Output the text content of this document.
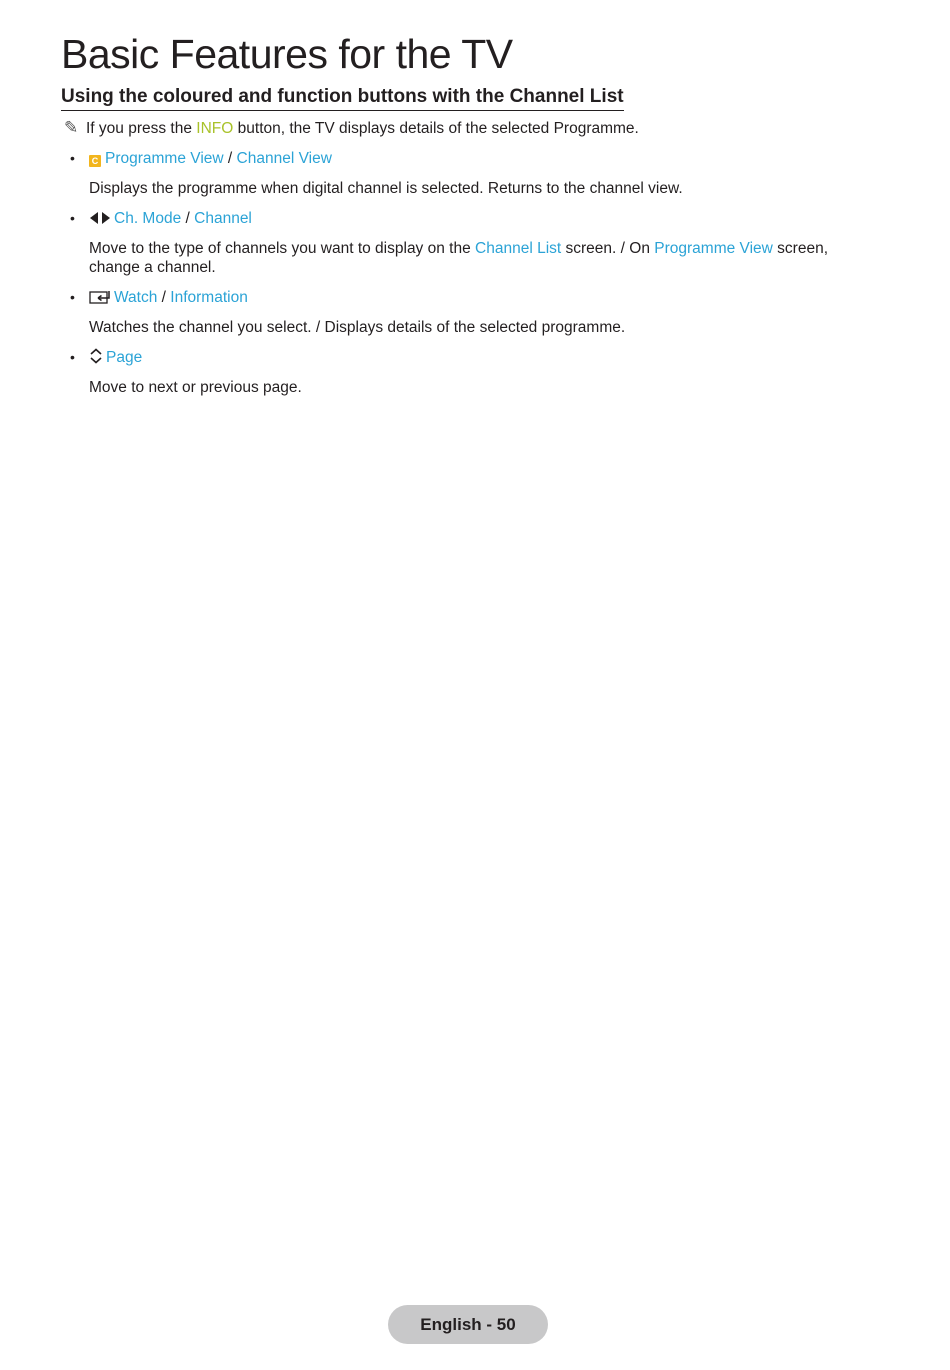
Basic Features for the TV
Using the coloured and function buttons with the Channel List
✎ If you press the INFO button, the TV displays details of the selected Programme.
• C Programme View / Channel View

Displays the programme when digital channel is selected. Returns to the channel view.

•	Ch. Mode / Channel

Move to the type of channels you want to display on the Channel List screen. / On Programme View screen, change a channel.

•	Watch / Information

Watches the channel you select. / Displays details of the selected programme.

• Page

Move to next or previous page.

English - 50
